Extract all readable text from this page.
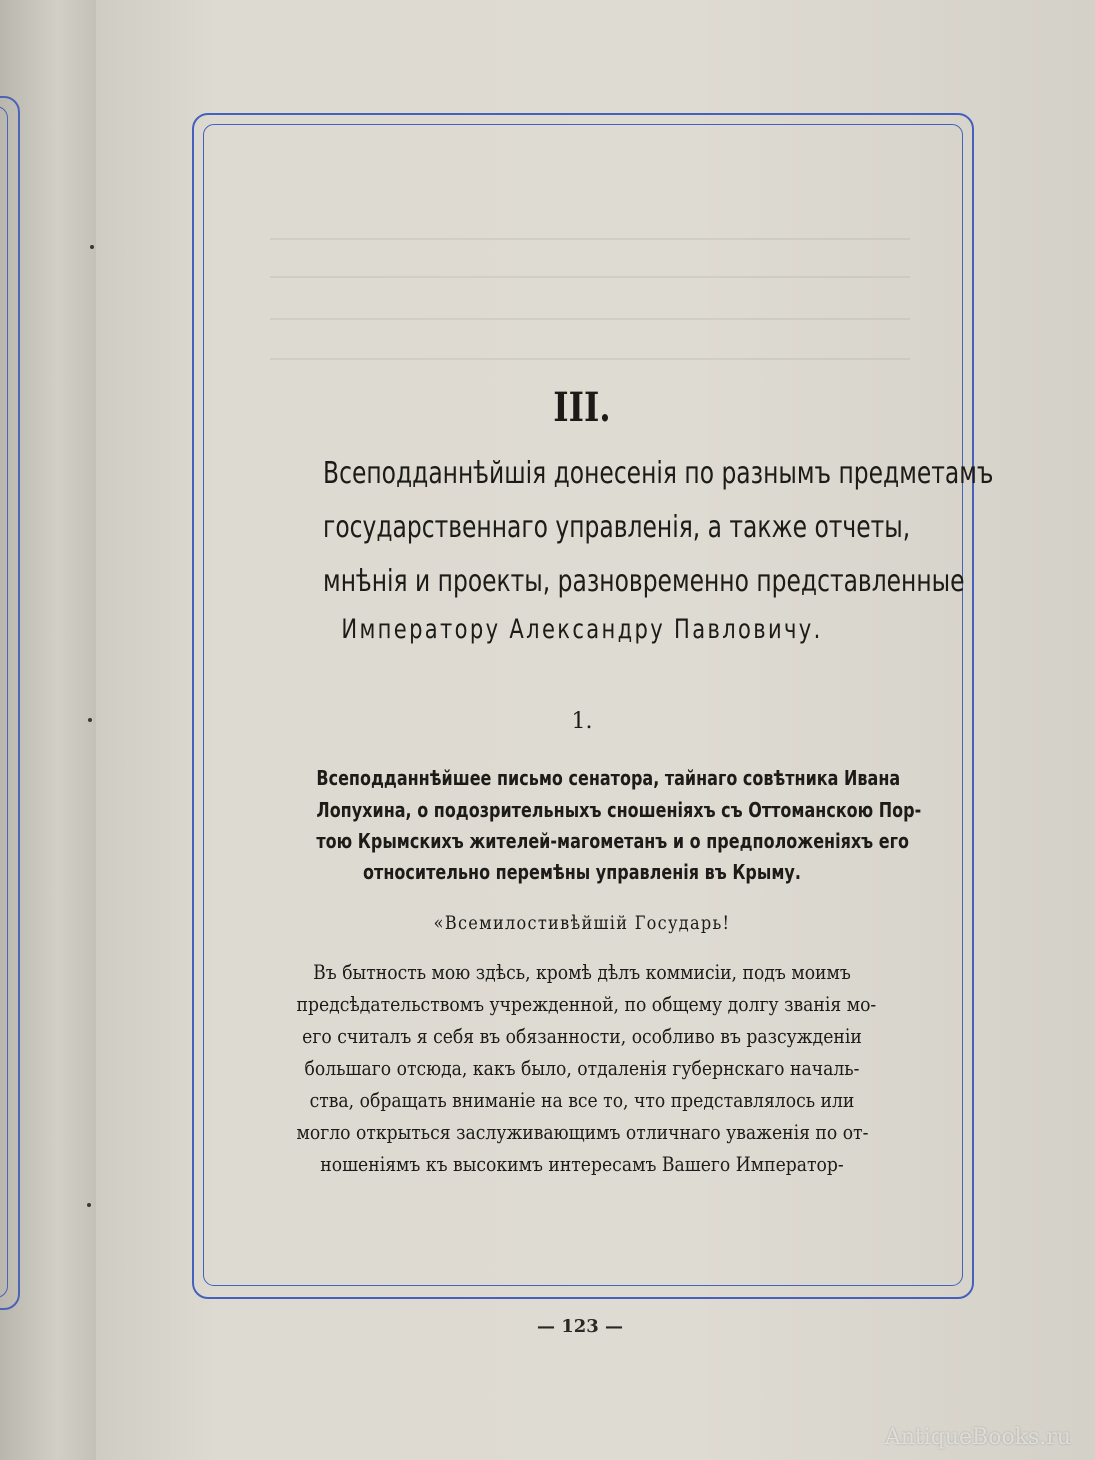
III.
Всеподданнѣйшія донесенія по разнымъ предметамъ
государственнаго управленія, а также отчеты,
мнѣнія и проекты, разновременно представленные
Императору Александру Павловичу.
1.
Всеподданнѣйшее письмо сенатора, тайнаго совѣтника Ивана
Лопухина, о подозрительныхъ сношеніяхъ съ Оттоманскою Пор-
тою Крымскихъ жителей-магометанъ и о предположеніяхъ его
относительно перемѣны управленія въ Крыму.
«Всемилостивѣйшій Государь!
Въ бытность мою здѣсь, кромѣ дѣлъ коммисіи, подъ моимъ
предсѣдательствомъ учрежденной, по общему долгу званія мо-
его считалъ я себя въ обязанности, особливо въ разсужденіи
большаго отсюда, какъ было, отдаленія губернскаго началь-
ства, обращать вниманіе на все то, что представлялось или
могло открыться заслуживающимъ отличнаго уваженія по от-
ношеніямъ къ высокимъ интересамъ Вашего Император-
— 123 —
AntiqueBooks.ru
